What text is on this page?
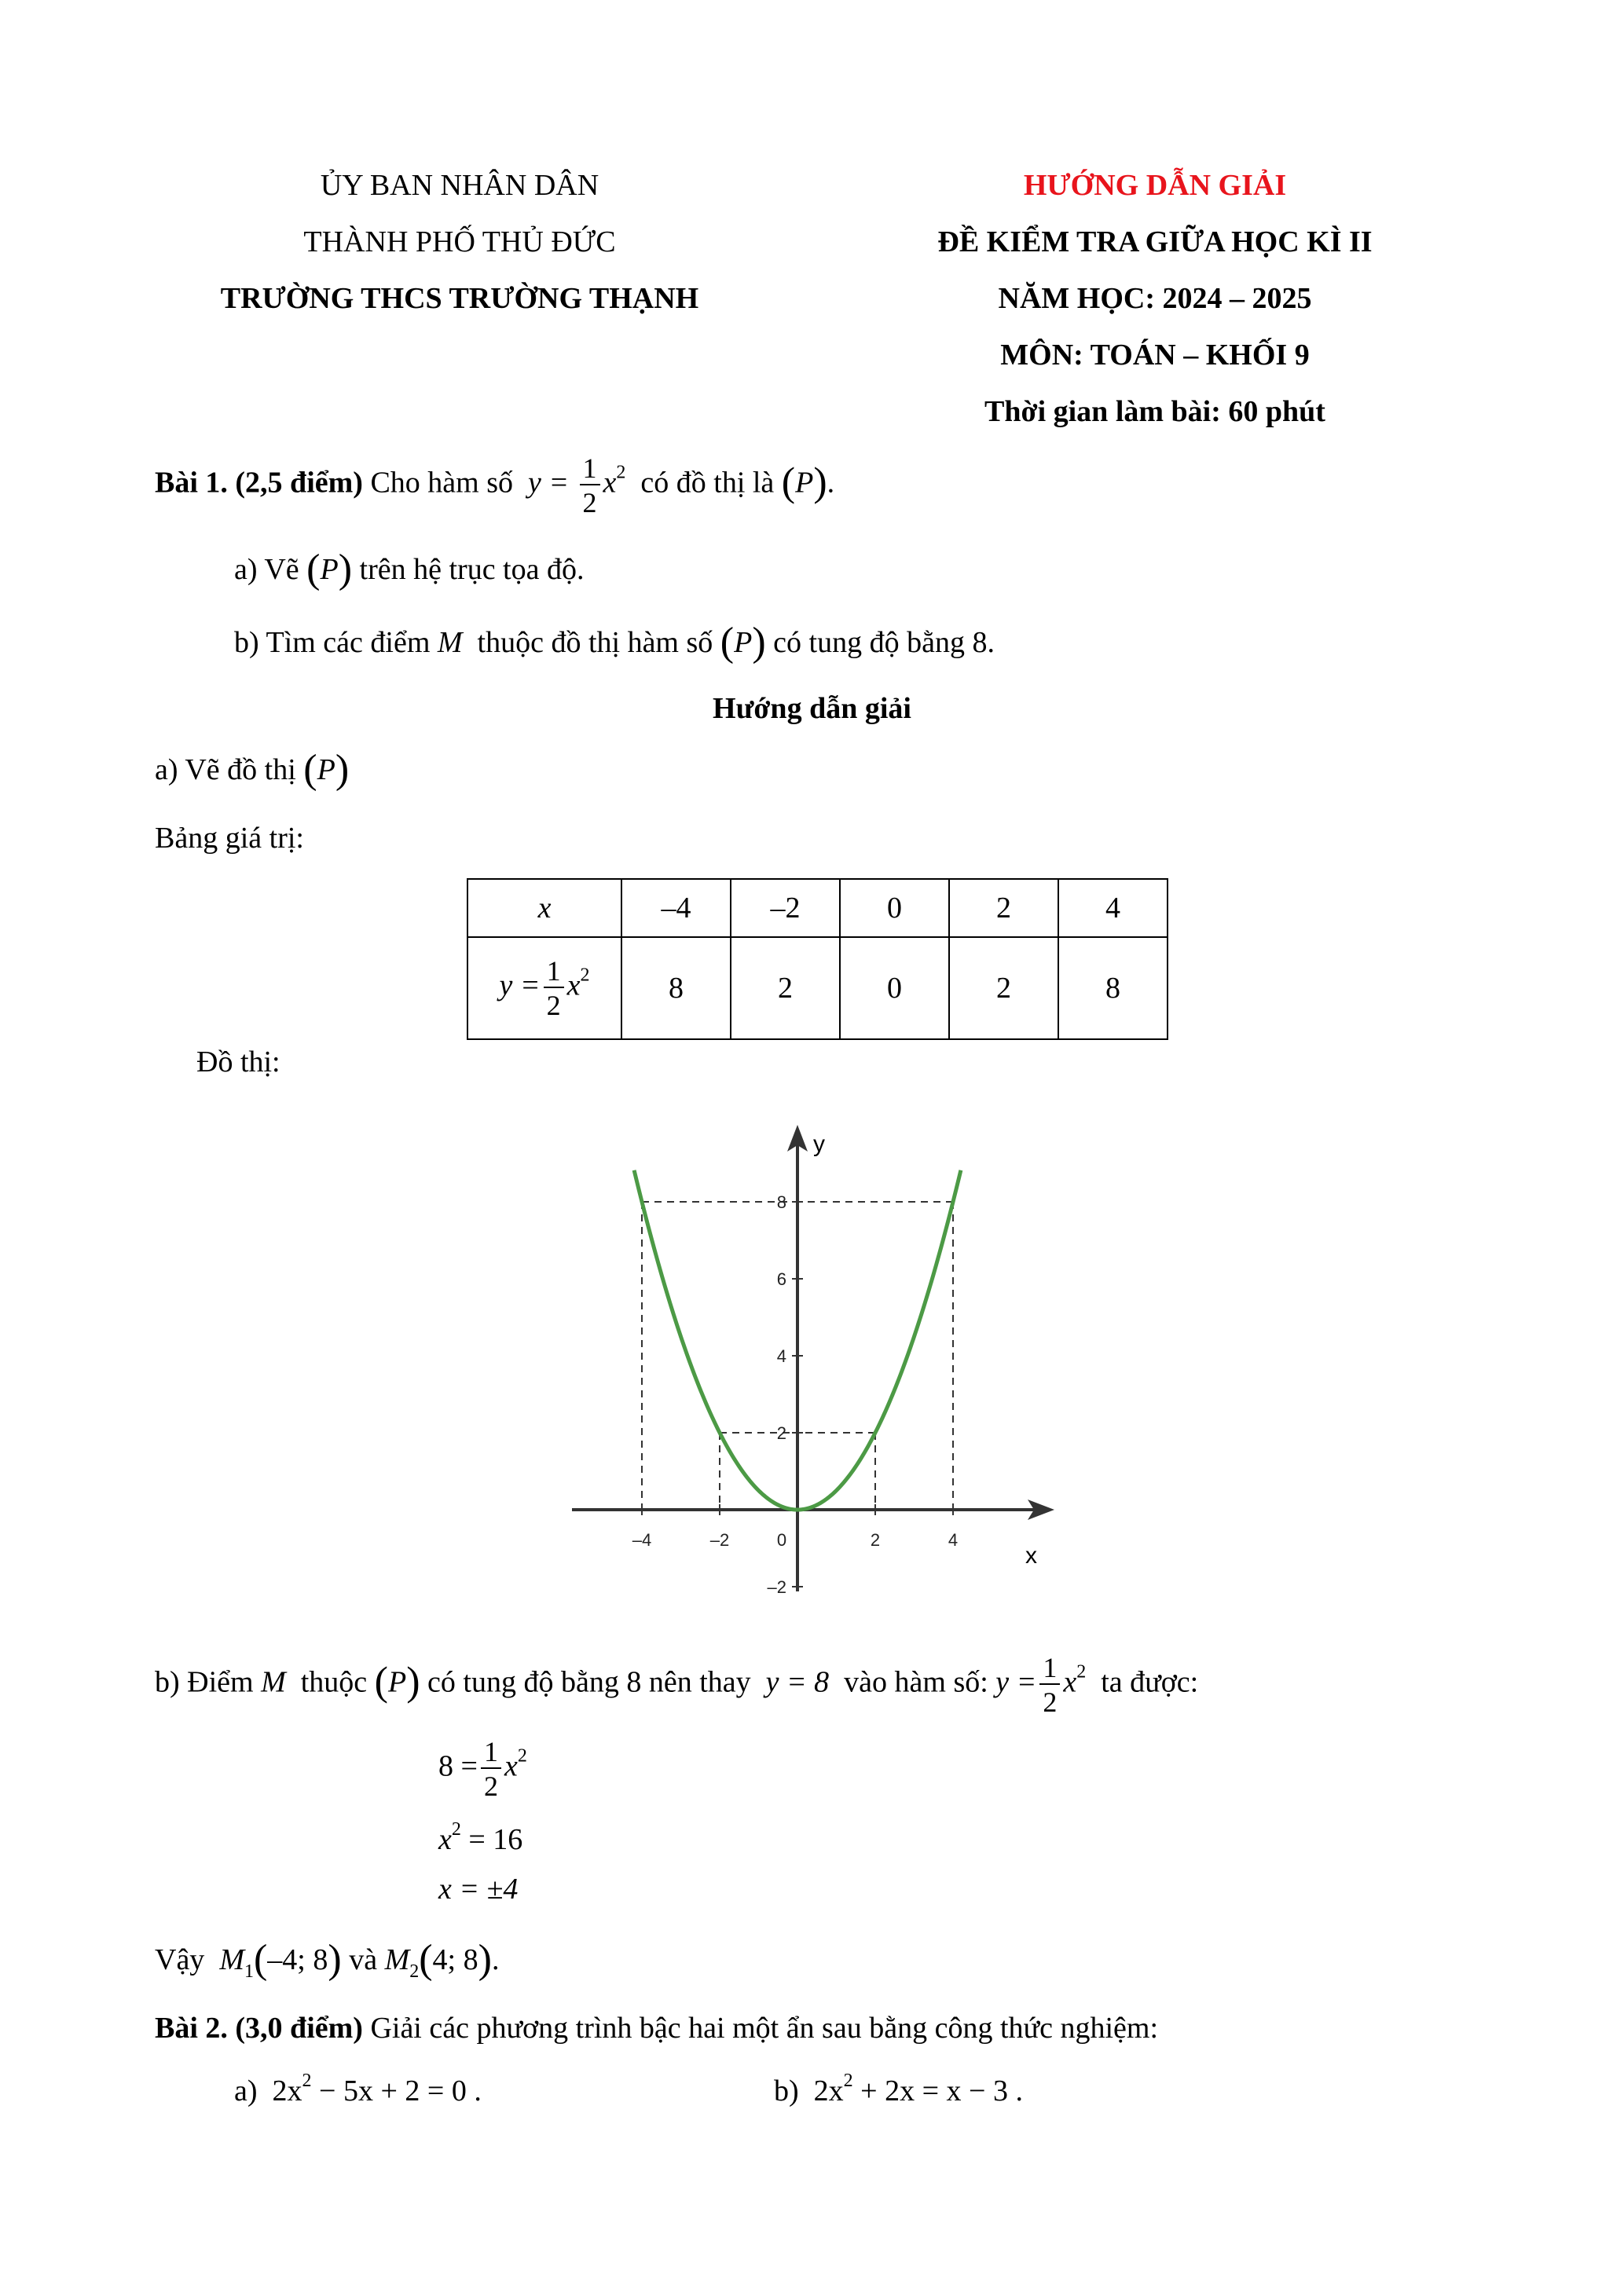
ỦY BAN NHÂN DÂN
THÀNH PHỐ THỦ ĐỨC
TRƯỜNG THCS TRƯỜNG THẠNH
HƯỚNG DẪN GIẢI
ĐỀ KIỂM TRA GIỮA HỌC KÌ II
NĂM HỌC: 2024 – 2025
MÔN: TOÁN – KHỐI 9
Thời gian làm bài: 60 phút
Bài 1. (2,5 điểm) Cho hàm số $y = \frac{1}{2} x^2$ có đồ thị là (P).
a) Vẽ (P) trên hệ trục tọa độ.
b) Tìm các điểm M thuộc đồ thị hàm số (P) có tung độ bằng 8.
Hướng dẫn giải
a) Vẽ đồ thị (P)
Bảng giá trị:
x	–4	–2	0	2	4
$y = \frac{1}{2} x^2$	8	2	0	2	8
Đồ thị:
–4	–2	0	2	4
–2
2
4
6
8
x
y
b) Điểm M thuộc (P) có tung độ bằng 8 nên thay y = 8 vào hàm số: $y = \frac{1}{2} x^2$ ta được:
$8 = \frac{1}{2} x^2$
$x^2 = 16$
x = ±4
Vậy $M_1(-4$; 8) và $M_2(4$; 8).
Bài 2. (3,0 điểm) Giải các phương trình bậc hai một ẩn sau bằng công thức nghiệm:
a) $2x^2 - 5x + 2 = 0$ .	b) $2x^2 + 2x = x - 3$ .
